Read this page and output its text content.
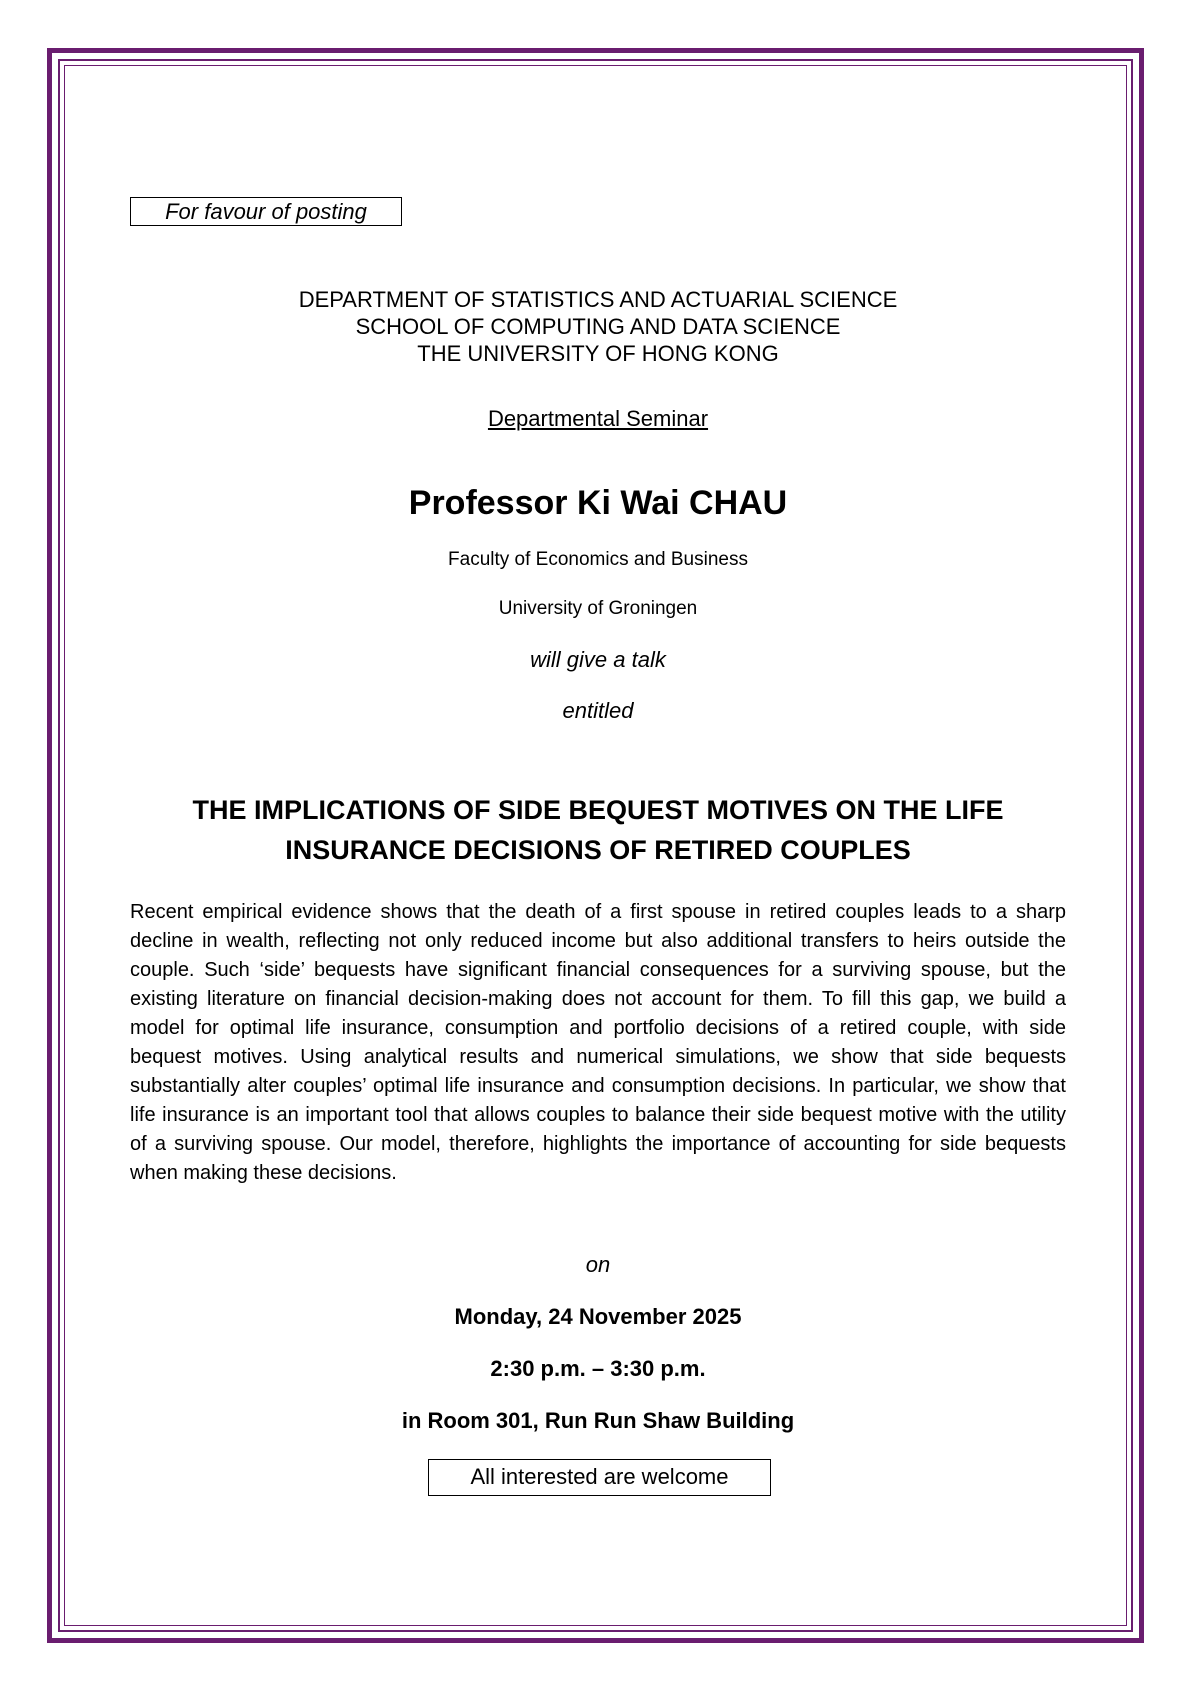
For favour of posting
DEPARTMENT OF STATISTICS AND ACTUARIAL SCIENCE
SCHOOL OF COMPUTING AND DATA SCIENCE
THE UNIVERSITY OF HONG KONG
Departmental Seminar
Professor Ki Wai CHAU
Faculty of Economics and Business
University of Groningen
will give a talk
entitled
THE IMPLICATIONS OF SIDE BEQUEST MOTIVES ON THE LIFE INSURANCE DECISIONS OF RETIRED COUPLES
Recent empirical evidence shows that the death of a first spouse in retired couples leads to a sharp decline in wealth, reflecting not only reduced income but also additional transfers to heirs outside the couple. Such ‘side’ bequests have significant financial consequences for a surviving spouse, but the existing literature on financial decision-making does not account for them. To fill this gap, we build a model for optimal life insurance, consumption and portfolio decisions of a retired couple, with side bequest motives. Using analytical results and numerical simulations, we show that side bequests substantially alter couples’ optimal life insurance and consumption decisions. In particular, we show that life insurance is an important tool that allows couples to balance their side bequest motive with the utility of a surviving spouse. Our model, therefore, highlights the importance of accounting for side bequests when making these decisions.
on
Monday, 24 November 2025
2:30 p.m. – 3:30 p.m.
in Room 301, Run Run Shaw Building
All interested are welcome
